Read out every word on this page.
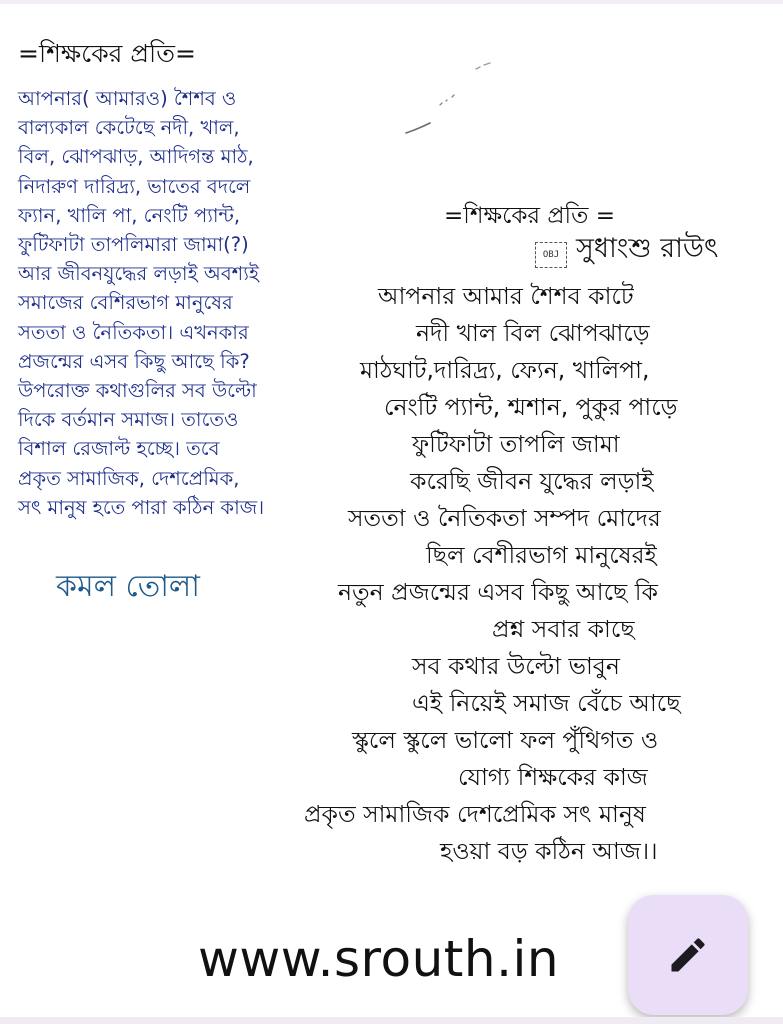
=শিক্ষকের প্রতি=
আপনার( আমারও) শৈশব ও
বাল্যকাল কেটেছে নদী, খাল,
বিল, ঝোপঝাড়, আদিগন্ত মাঠ,
নিদারুণ দারিদ্র্য, ভাতের বদলে
ফ্যান, খালি পা, নেংটি প্যান্ট,
ফুটিফাটা তাপলিমারা জামা(?)
আর জীবনযুদ্ধের লড়াই অবশ্যই
সমাজের বেশিরভাগ মানুষের
সততা ও নৈতিকতা। এখনকার
প্রজন্মের এসব কিছু আছে কি?
উপরোক্ত কথাগুলির সব উল্টো
দিকে বর্তমান সমাজ। তাতেও
বিশাল রেজাল্ট হচ্ছে। তবে
প্রকৃত সামাজিক, দেশপ্রেমিক,
সৎ মানুষ হতে পারা কঠিন কাজ।
কমল তোলা
=শিক্ষকের প্রতি =
OBJ সুধাংশু রাউৎ
আপনার আমার শৈশব কাটে
নদী খাল বিল ঝোপঝাড়ে
মাঠঘাট,দারিদ্র্য, ফ্যেন, খালিপা,
নেংটি প্যান্ট, শ্মশান, পুকুর পাড়ে
ফুটিফাটা তাপলি জামা
করেছি জীবন যুদ্ধের লড়াই
সততা ও নৈতিকতা সম্পদ মোদের
ছিল বেশীরভাগ মানুষেরই
নতুন প্রজন্মের এসব কিছু আছে কি
প্রশ্ন সবার কাছে
সব কথার উল্টো ভাবুন
এই নিয়েই সমাজ বেঁচে আছে
স্কুলে স্কুলে ভালো ফল পুঁথিগত ও
যোগ্য শিক্ষকের কাজ
প্রকৃত সামাজিক দেশপ্রেমিক সৎ মানুষ
হওয়া বড় কঠিন আজ।।
www.srouth.in
